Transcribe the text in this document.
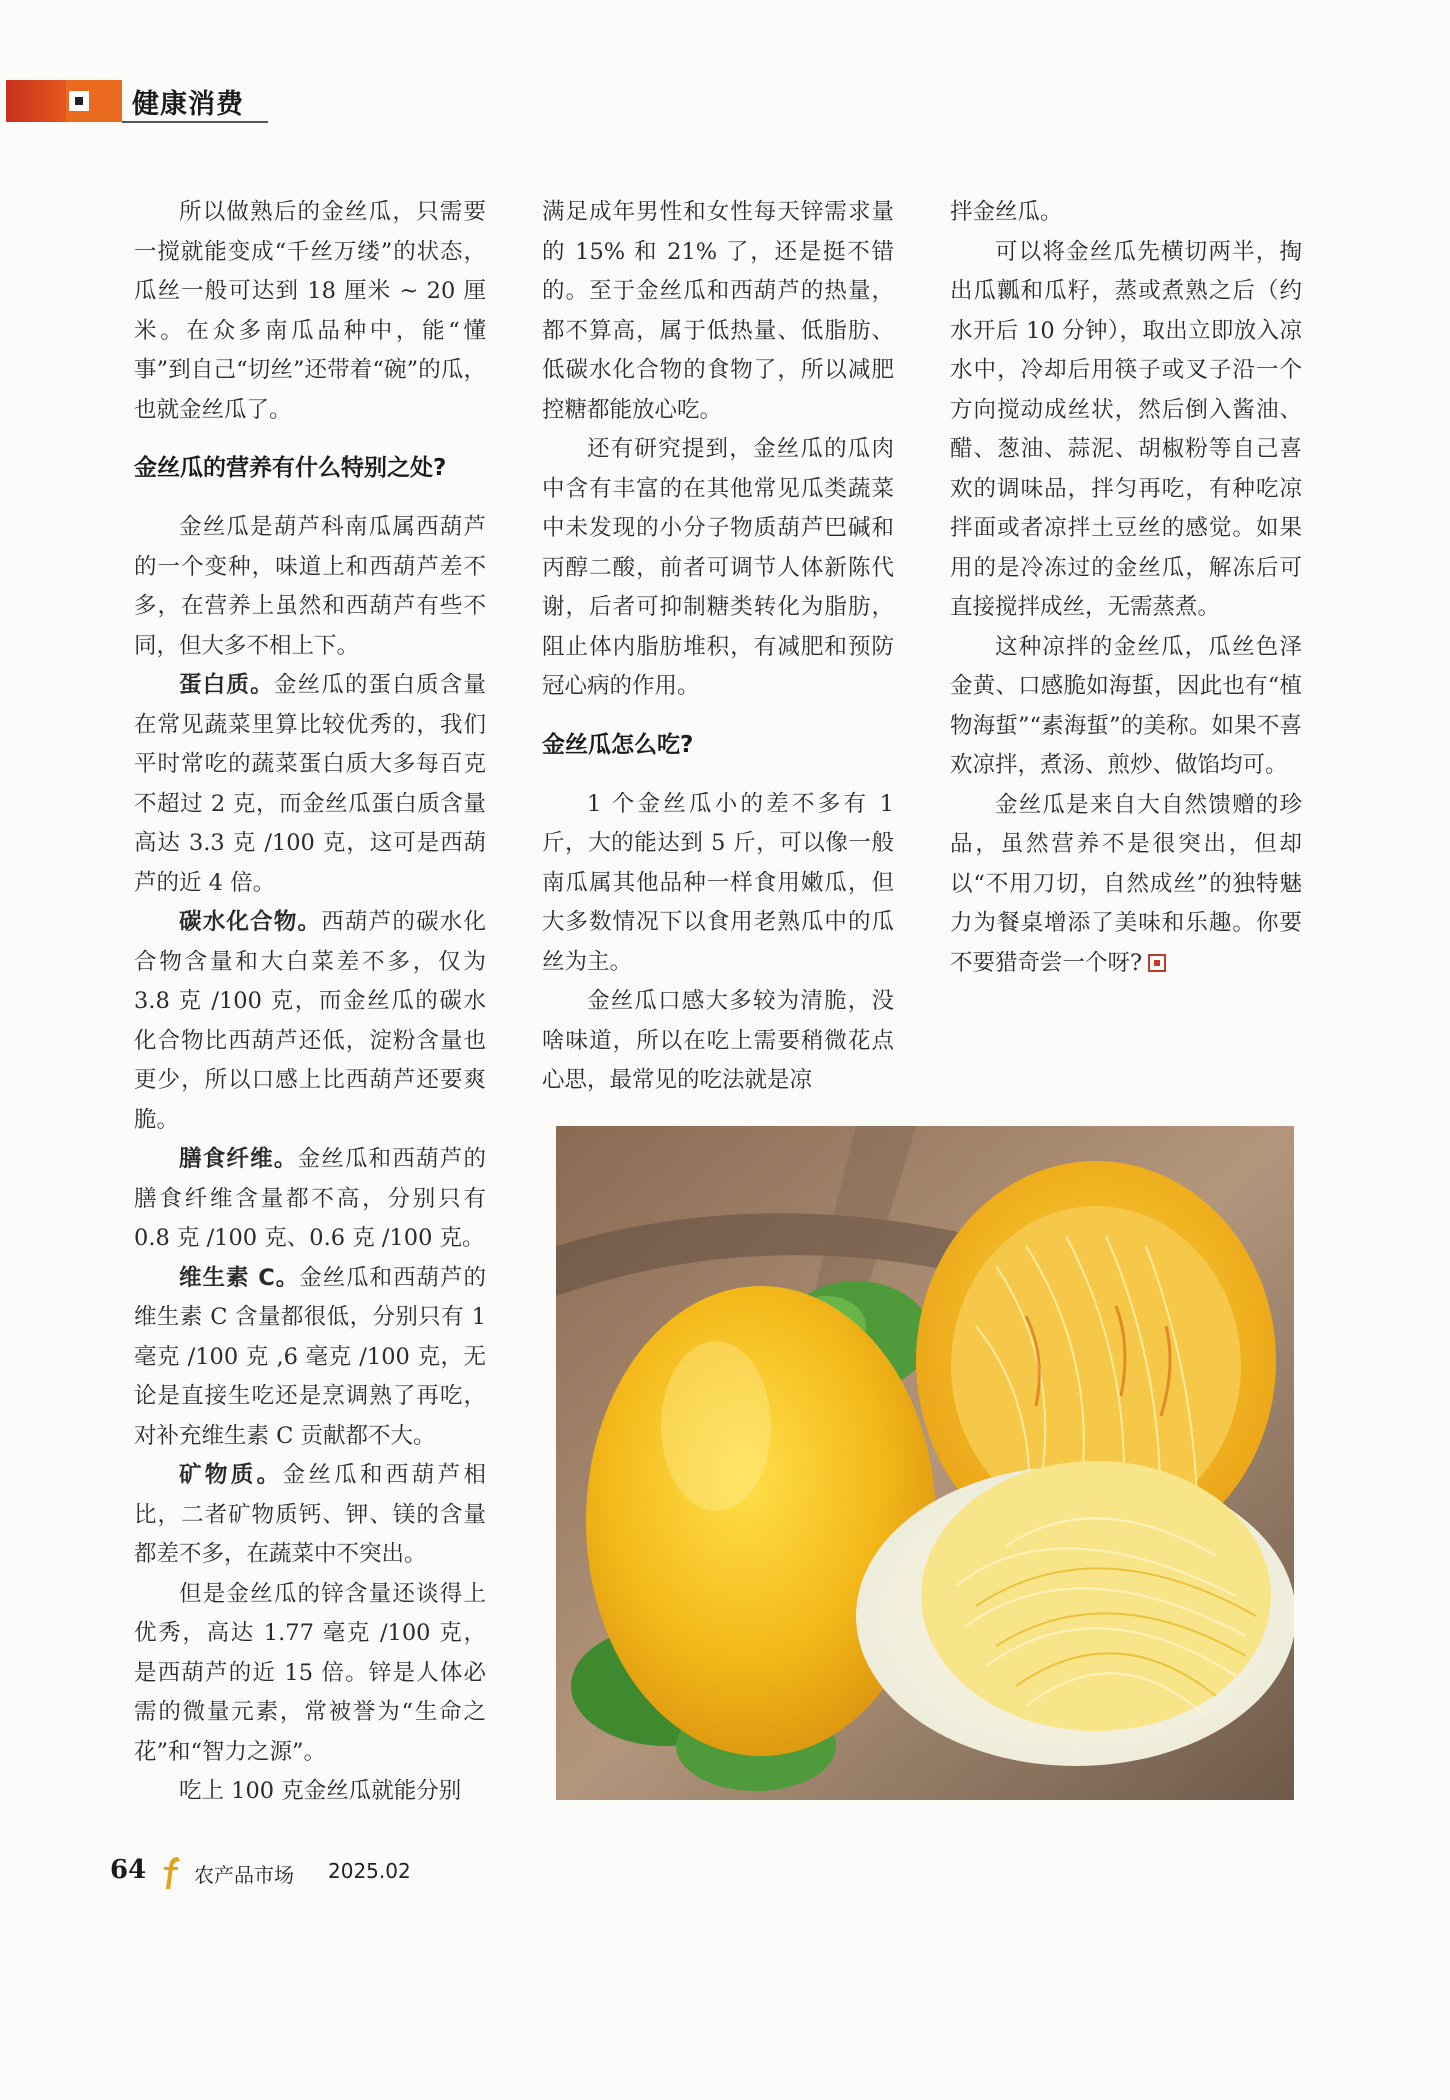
健康消费

所以做熟后的金丝瓜，只需要一搅就能变成“千丝万缕”的状态，瓜丝一般可达到 18 厘米 ~ 20 厘米。在众多南瓜品种中，能“懂事”到自己“切丝”还带着“碗”的瓜，也就金丝瓜了。

金丝瓜的营养有什么特别之处?

金丝瓜是葫芦科南瓜属西葫芦的一个变种，味道上和西葫芦差不多，在营养上虽然和西葫芦有些不同，但大多不相上下。

蛋白质。金丝瓜的蛋白质含量在常见蔬菜里算比较优秀的，我们平时常吃的蔬菜蛋白质大多每百克不超过 2 克，而金丝瓜蛋白质含量高达 3.3 克 /100 克，这可是西葫芦的近 4 倍。

碳水化合物。西葫芦的碳水化合物含量和大白菜差不多，仅为 3.8 克 /100 克，而金丝瓜的碳水化合物比西葫芦还低，淀粉含量也更少，所以口感上比西葫芦还要爽脆。

膳食纤维。金丝瓜和西葫芦的膳食纤维含量都不高，分别只有 0.8 克 /100 克、0.6 克 /100 克。

维生素 C。金丝瓜和西葫芦的维生素 C 含量都很低，分别只有 1 毫克 /100 克 ,6 毫克 /100 克，无论是直接生吃还是烹调熟了再吃，对补充维生素 C 贡献都不大。

矿物质。金丝瓜和西葫芦相比，二者矿物质钙、钾、镁的含量都差不多，在蔬菜中不突出。

但是金丝瓜的锌含量还谈得上优秀，高达 1.77 毫克 /100 克，是西葫芦的近 15 倍。锌是人体必需的微量元素，常被誉为“生命之花”和“智力之源”。

吃上 100 克金丝瓜就能分别

满足成年男性和女性每天锌需求量的 15% 和 21% 了，还是挺不错的。至于金丝瓜和西葫芦的热量，都不算高，属于低热量、低脂肪、低碳水化合物的食物了，所以减肥控糖都能放心吃。

还有研究提到，金丝瓜的瓜肉中含有丰富的在其他常见瓜类蔬菜中未发现的小分子物质葫芦巴碱和丙醇二酸，前者可调节人体新陈代谢，后者可抑制糖类转化为脂肪，阻止体内脂肪堆积，有减肥和预防冠心病的作用。

金丝瓜怎么吃?

1 个金丝瓜小的差不多有 1 斤，大的能达到 5 斤，可以像一般南瓜属其他品种一样食用嫩瓜，但大多数情况下以食用老熟瓜中的瓜丝为主。

金丝瓜口感大多较为清脆，没啥味道，所以在吃上需要稍微花点心思，最常见的吃法就是凉

拌金丝瓜。

可以将金丝瓜先横切两半，掏出瓜瓤和瓜籽，蒸或煮熟之后（约水开后 10 分钟），取出立即放入凉水中，冷却后用筷子或叉子沿一个方向搅动成丝状，然后倒入酱油、醋、葱油、蒜泥、胡椒粉等自己喜欢的调味品，拌匀再吃，有种吃凉拌面或者凉拌土豆丝的感觉。如果用的是冷冻过的金丝瓜，解冻后可直接搅拌成丝，无需蒸煮。

这种凉拌的金丝瓜，瓜丝色泽金黄、口感脆如海蜇，因此也有“植物海蜇”“素海蜇”的美称。如果不喜欢凉拌，煮汤、煎炒、做馅均可。

金丝瓜是来自大自然馈赠的珍品，虽然营养不是很突出，但却以“不用刀切，自然成丝”的独特魅力为餐桌增添了美味和乐趣。你要不要猎奇尝一个呀?

64 农产品市场 2025.02
